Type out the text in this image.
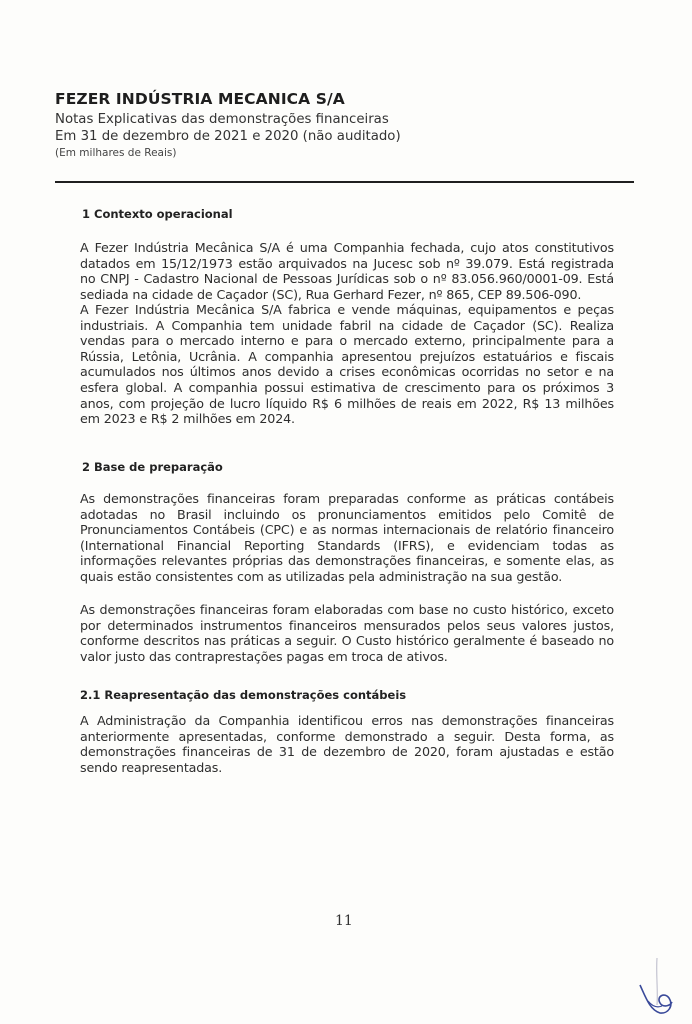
FEZER INDÚSTRIA MECANICA S/A
Notas Explicativas das demonstrações financeiras
Em 31 de dezembro de 2021 e 2020 (não auditado)
(Em milhares de Reais)
1 Contexto operacional
A Fezer Indústria Mecânica S/A é uma Companhia fechada, cujo atos constitutivos datados em 15/12/1973 estão arquivados na Jucesc sob nº 39.079. Está registrada no CNPJ - Cadastro Nacional de Pessoas Jurídicas sob o nº 83.056.960/0001-09. Está sediada na cidade de Caçador (SC), Rua Gerhard Fezer, nº 865, CEP 89.506-090.
A Fezer Indústria Mecânica S/A fabrica e vende máquinas, equipamentos e peças industriais. A Companhia tem unidade fabril na cidade de Caçador (SC). Realiza vendas para o mercado interno e para o mercado externo, principalmente para a Rússia, Letônia, Ucrânia. A companhia apresentou prejuízos estatuários e fiscais acumulados nos últimos anos devido a crises econômicas ocorridas no setor e na esfera global. A companhia possui estimativa de crescimento para os próximos 3 anos, com projeção de lucro líquido R$ 6 milhões de reais em 2022, R$ 13 milhões em 2023 e R$ 2 milhões em 2024.
2 Base de preparação
As demonstrações financeiras foram preparadas conforme as práticas contábeis adotadas no Brasil incluindo os pronunciamentos emitidos pelo Comitê de Pronunciamentos Contábeis (CPC) e as normas internacionais de relatório financeiro (International Financial Reporting Standards (IFRS), e evidenciam todas as informações relevantes próprias das demonstrações financeiras, e somente elas, as quais estão consistentes com as utilizadas pela administração na sua gestão.
As demonstrações financeiras foram elaboradas com base no custo histórico, exceto por determinados instrumentos financeiros mensurados pelos seus valores justos, conforme descritos nas práticas a seguir. O Custo histórico geralmente é baseado no valor justo das contraprestações pagas em troca de ativos.
2.1 Reapresentação das demonstrações contábeis
A Administração da Companhia identificou erros nas demonstrações financeiras anteriormente apresentadas, conforme demonstrado a seguir. Desta forma, as demonstrações financeiras de 31 de dezembro de 2020, foram ajustadas e estão sendo reapresentadas.
11
